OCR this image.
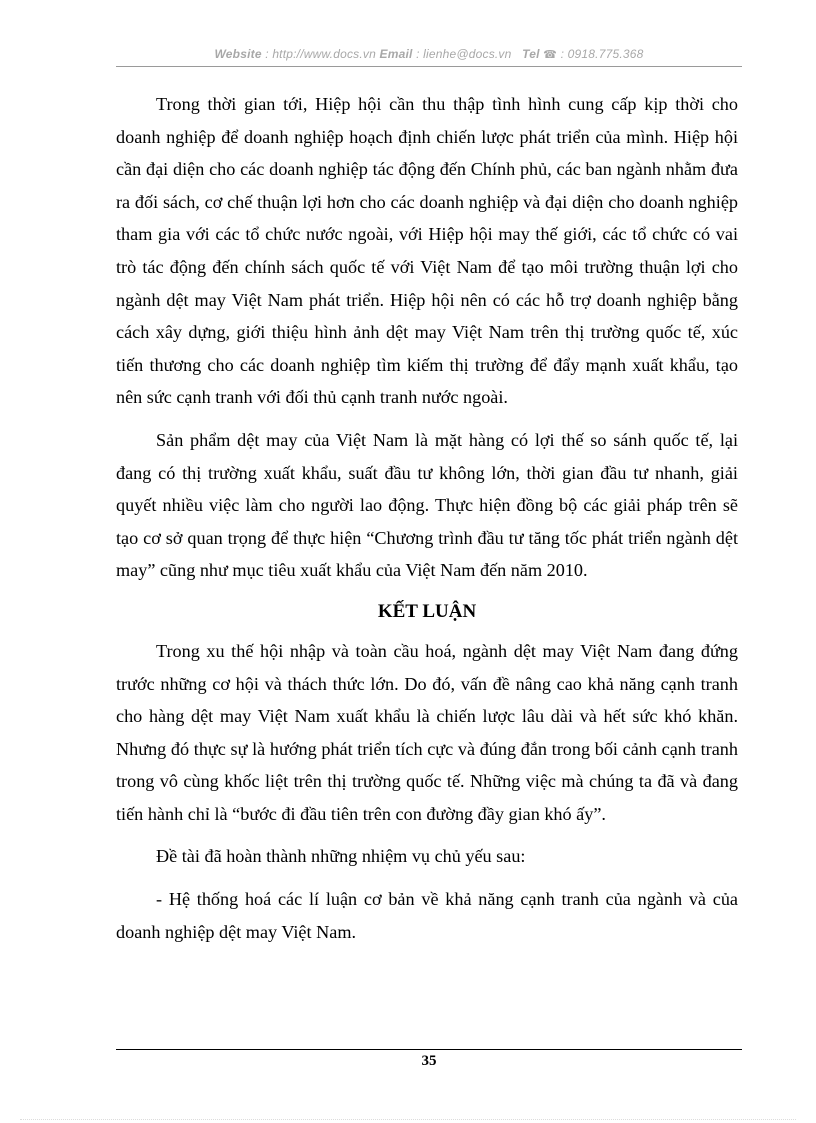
Website : http://www.docs.vn Email : lienhe@docs.vn Tel ☎ : 0918.775.368

Trong thời gian tới, Hiệp hội cần thu thập tình hình cung cấp kịp thời cho doanh nghiệp để doanh nghiệp hoạch định chiến lược phát triển của mình. Hiệp hội cần đại diện cho các doanh nghiệp tác động đến Chính phủ, các ban ngành nhằm đưa ra đối sách, cơ chế thuận lợi hơn cho các doanh nghiệp và đại diện cho doanh nghiệp tham gia với các tổ chức nước ngoài, với Hiệp hội may thế giới, các tổ chức có vai trò tác động đến chính sách quốc tế với Việt Nam để tạo môi trường thuận lợi cho ngành dệt may Việt Nam phát triển. Hiệp hội nên có các hỗ trợ doanh nghiệp bằng cách xây dựng, giới thiệu hình ảnh dệt may Việt Nam trên thị trường quốc tế, xúc tiến thương cho các doanh nghiệp tìm kiếm thị trường để đẩy mạnh xuất khẩu, tạo nên sức cạnh tranh với đối thủ cạnh tranh nước ngoài.

Sản phẩm dệt may của Việt Nam là mặt hàng có lợi thế so sánh quốc tế, lại đang có thị trường xuất khẩu, suất đầu tư không lớn, thời gian đầu tư nhanh, giải quyết nhiều việc làm cho người lao động. Thực hiện đồng bộ các giải pháp trên sẽ tạo cơ sở quan trọng để thực hiện “Chương trình đầu tư tăng tốc phát triển ngành dệt may” cũng như mục tiêu xuất khẩu của Việt Nam đến năm 2010.

KẾT LUẬN

Trong xu thế hội nhập và toàn cầu hoá, ngành dệt may Việt Nam đang đứng trước những cơ hội và thách thức lớn. Do đó, vấn đề nâng cao khả năng cạnh tranh cho hàng dệt may Việt Nam xuất khẩu là chiến lược lâu dài và hết sức khó khăn. Nhưng đó thực sự là hướng phát triển tích cực và đúng đắn trong bối cảnh cạnh tranh trong vô cùng khốc liệt trên thị trường quốc tế. Những việc mà chúng ta đã và đang tiến hành chỉ là “bước đi đầu tiên trên con đường đầy gian khó ấy”.

Đề tài đã hoàn thành những nhiệm vụ chủ yếu sau:

- Hệ thống hoá các lí luận cơ bản về khả năng cạnh tranh của ngành và của doanh nghiệp dệt may Việt Nam.

35
